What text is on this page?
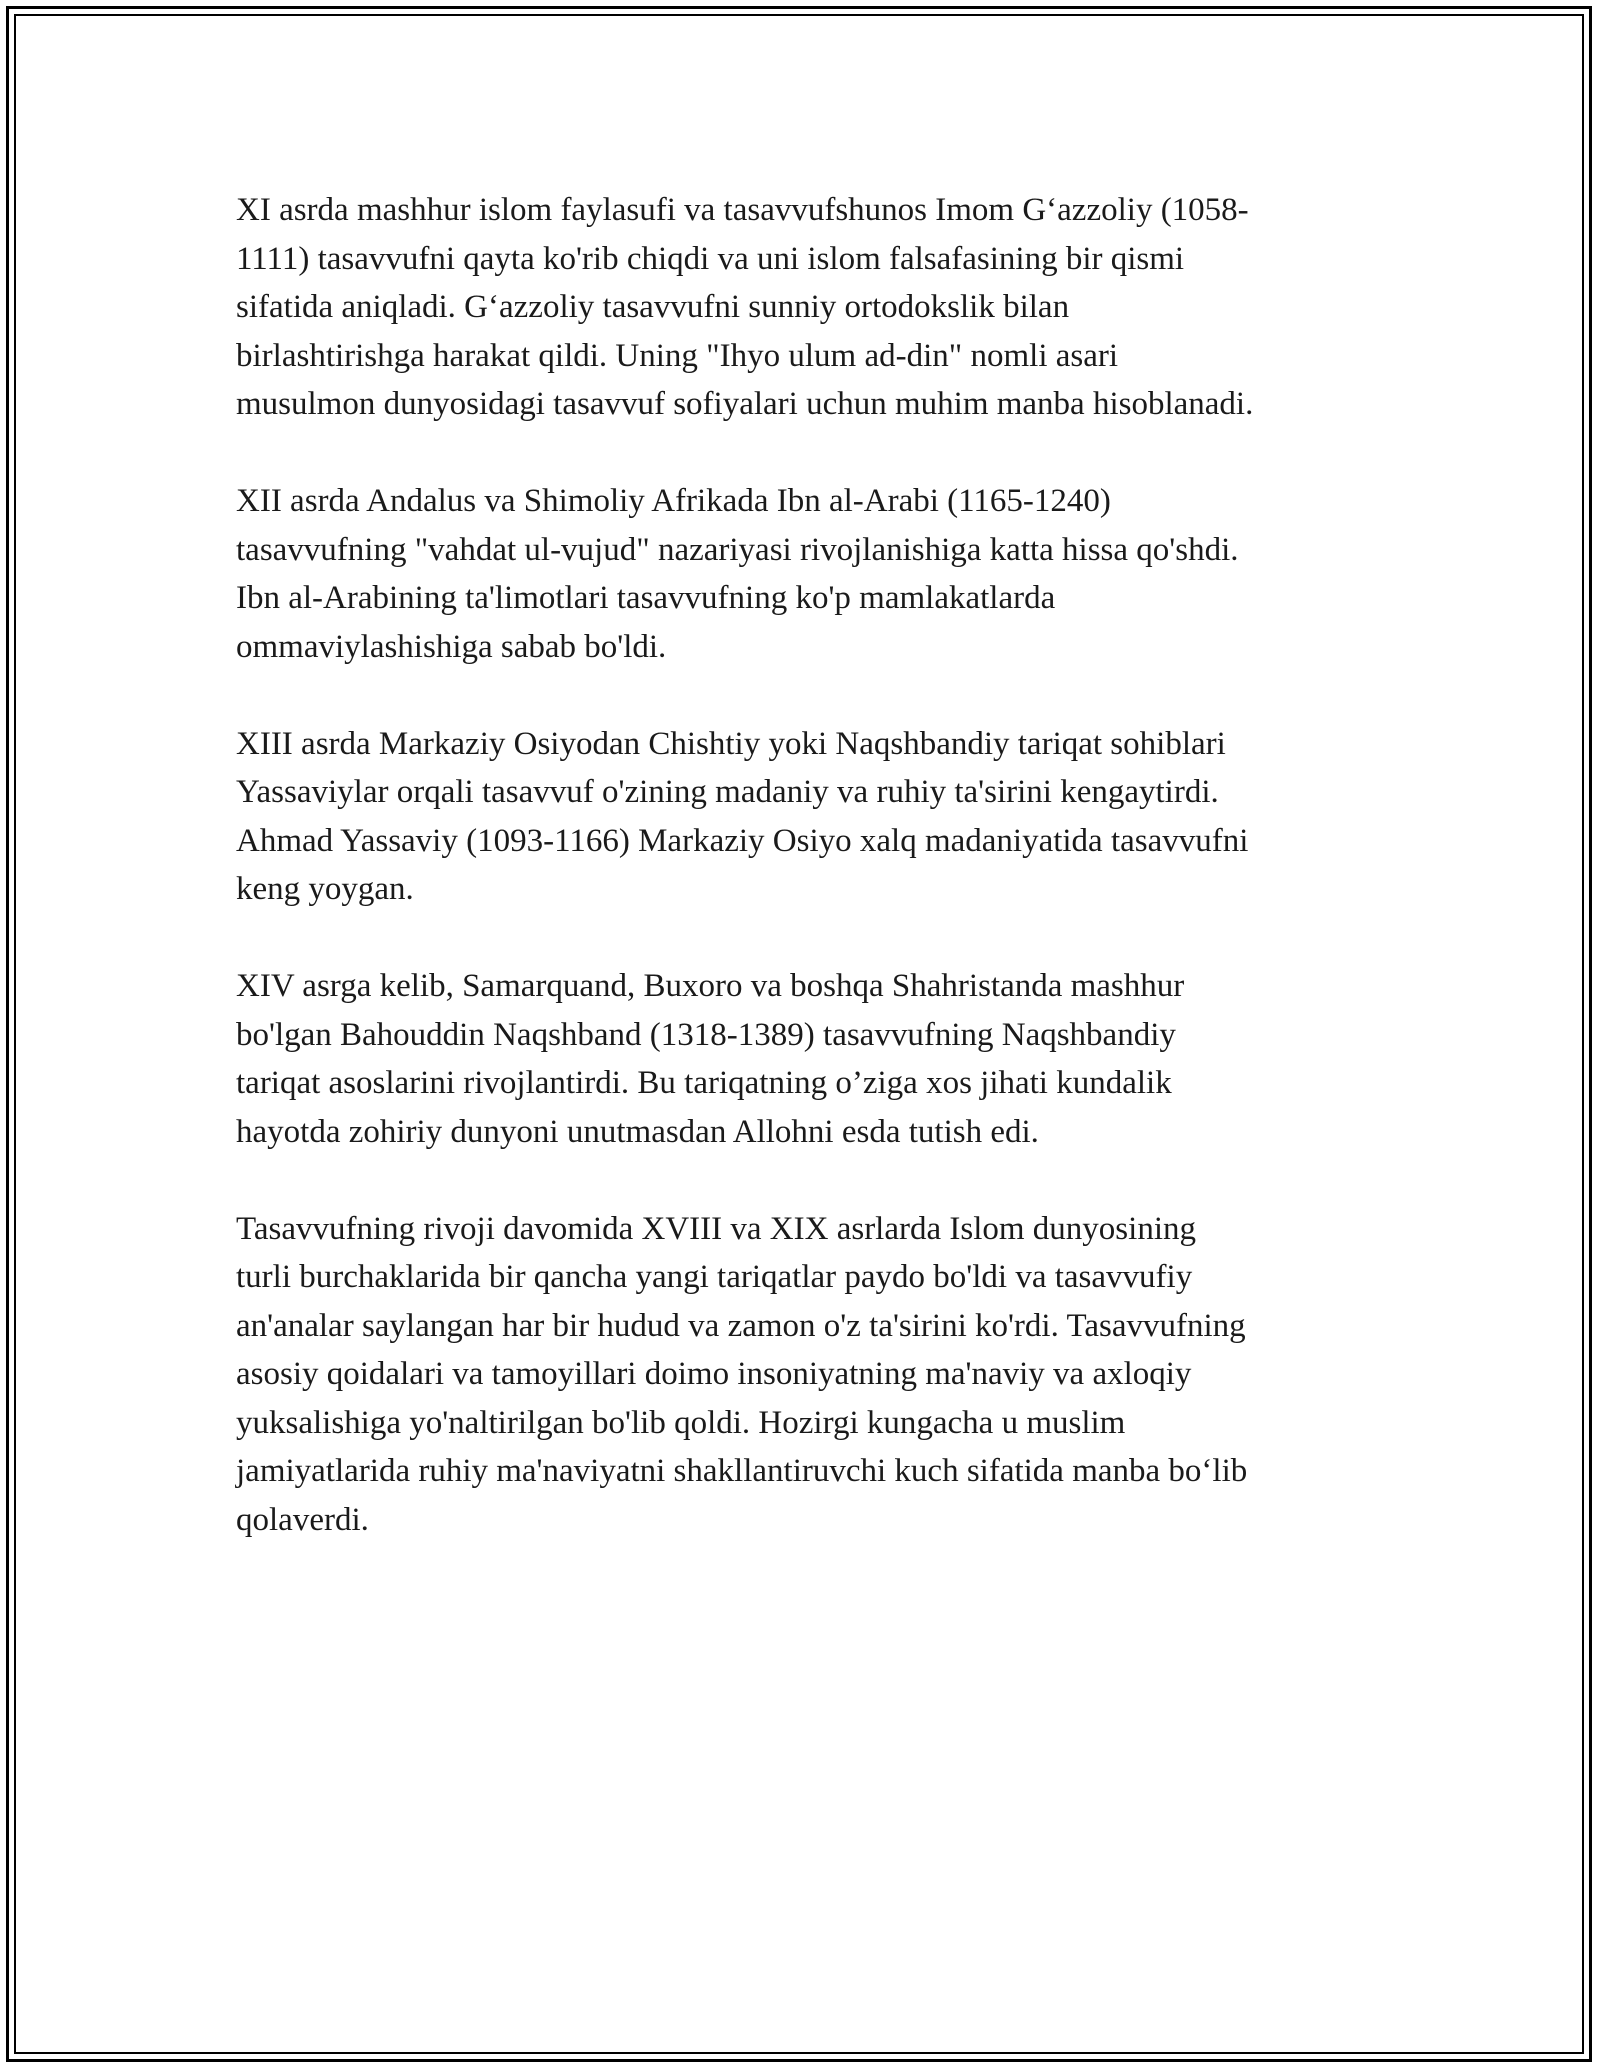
XI asrda mashhur islom faylasufi va tasavvufshunos Imom G‘azzoliy (1058-
1111) tasavvufni qayta ko'rib chiqdi va uni islom falsafasining bir qismi
sifatida aniqladi. G‘azzoliy tasavvufni sunniy ortodokslik bilan
birlashtirishga harakat qildi. Uning "Ihyo ulum ad-din" nomli asari
musulmon dunyosidagi tasavvuf sofiyalari uchun muhim manba hisoblanadi.

XII asrda Andalus va Shimoliy Afrikada Ibn al-Arabi (1165-1240)
tasavvufning "vahdat ul-vujud" nazariyasi rivojlanishiga katta hissa qo'shdi.
Ibn al-Arabining ta'limotlari tasavvufning ko'p mamlakatlarda
ommaviylashishiga sabab bo'ldi.

XIII asrda Markaziy Osiyodan Chishtiy yoki Naqshbandiy tariqat sohiblari
Yassaviylar orqali tasavvuf o'zining madaniy va ruhiy ta'sirini kengaytirdi.
Ahmad Yassaviy (1093-1166) Markaziy Osiyo xalq madaniyatida tasavvufni
keng yoygan.

XIV asrga kelib, Samarquand, Buxoro va boshqa Shahristanda mashhur
bo'lgan Bahouddin Naqshband (1318-1389) tasavvufning Naqshbandiy
tariqat asoslarini rivojlantirdi. Bu tariqatning o’ziga xos jihati kundalik
hayotda zohiriy dunyoni unutmasdan Allohni esda tutish edi.

Tasavvufning rivoji davomida XVIII va XIX asrlarda Islom dunyosining
turli burchaklarida bir qancha yangi tariqatlar paydo bo'ldi va tasavvufiy
an'analar saylangan har bir hudud va zamon o'z ta'sirini ko'rdi. Tasavvufning
asosiy qoidalari va tamoyillari doimo insoniyatning ma'naviy va axloqiy
yuksalishiga yo'naltirilgan bo'lib qoldi. Hozirgi kungacha u muslim
jamiyatlarida ruhiy ma'naviyatni shakllantiruvchi kuch sifatida manba bo‘lib
qolaverdi.
